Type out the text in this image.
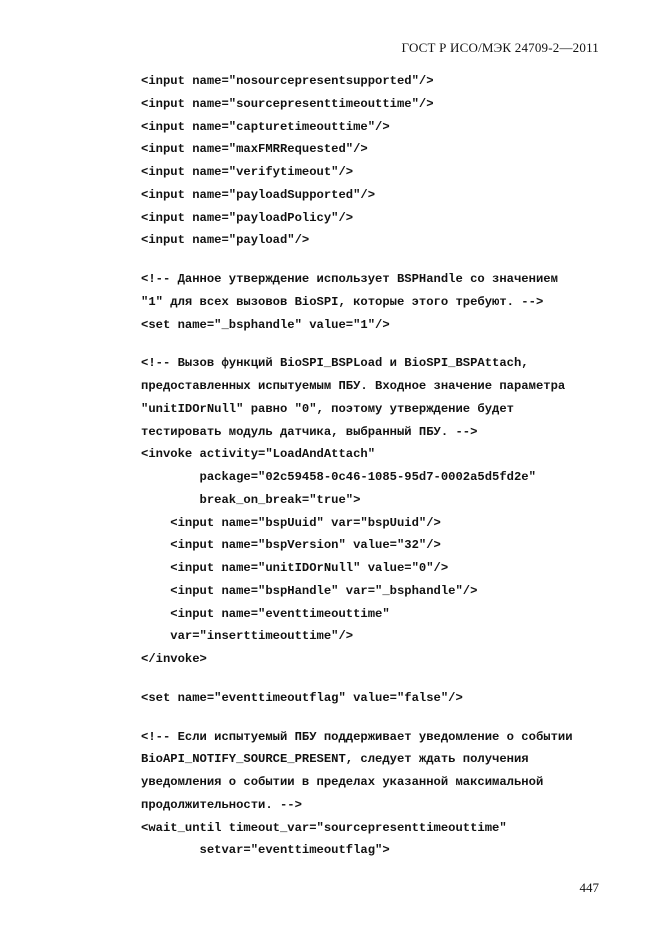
ГОСТ Р ИСО/МЭК 24709-2—2011
<input name="nosourcepresentsupported"/>
<input name="sourcepresenttimeouttime"/>
<input name="capturetimeouttime"/>
<input name="maxFMRRequested"/>
<input name="verifytimeout"/>
<input name="payloadSupported"/>
<input name="payloadPolicy"/>
<input name="payload"/>
<!-- Данное утверждение использует BSPHandle со значением
"1" для всех вызовов BioSPI, которые этого требуют. -->
<set name="_bsphandle" value="1"/>
<!-- Вызов функций BioSPI_BSPLoad и BioSPI_BSPAttach,
предоставленных испытуемым ПБУ. Входное значение параметра
"unitIDOrNull" равно "0", поэтому утверждение будет
тестировать модуль датчика, выбранный ПБУ. -->
<invoke activity="LoadAndAttach"
package="02c59458-0c46-1085-95d7-0002a5d5fd2e"
break_on_break="true">
<input name="bspUuid" var="bspUuid"/>
<input name="bspVersion" value="32"/>
<input name="unitIDOrNull" value="0"/>
<input name="bspHandle" var="_bsphandle"/>
<input name="eventtimeouttime"
var="inserttimeouttime"/>
</invoke>
<set name="eventtimeoutflag" value="false"/>
<!-- Если испытуемый ПБУ поддерживает уведомление о событии
BioAPI_NOTIFY_SOURCE_PRESENT, следует ждать получения
уведомления о событии в пределах указанной максимальной
продолжительности. -->
<wait_until timeout_var="sourcepresenttimeouttime"
setvar="eventtimeoutflag">
447
